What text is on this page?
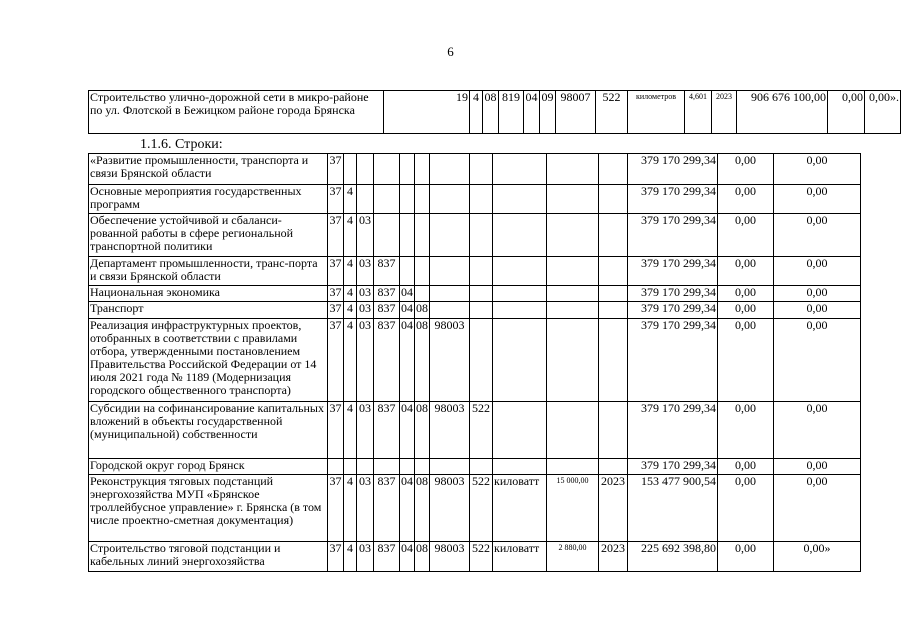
6
Строительство улично-дорожной сети в микро-районе по ул. Флотской в Бежицком районе города Брянска	19	4	08	819	04	09	98007	522	километров	4,601	2023	906 676 100,00	0,00	0,00».
1.1.6. Строки:
«Развитие промышленности, транспорта и связи Брянской области	37											379 170 299,34	0,00	0,00
Основные мероприятия государственных программ	37	4										379 170 299,34	0,00	0,00
Обеспечение устойчивой и сбаланси-рованной работы в сфере региональной транспортной политики	37	4	03									379 170 299,34	0,00	0,00
Департамент промышленности, транс-порта и связи Брянской области	37	4	03	837								379 170 299,34	0,00	0,00
Национальная экономика	37	4	03	837	04							379 170 299,34	0,00	0,00
Транспорт	37	4	03	837	04	08						379 170 299,34	0,00	0,00
Реализация инфраструктурных проектов, отобранных в соответствии с правилами отбора, утвержденными постановлением Правительства Российской Федерации от 14 июля 2021 года № 1189 (Модернизация городского общественного транспорта)	37	4	03	837	04	08	98003					379 170 299,34	0,00	0,00
Субсидии на софинансирование капитальных вложений в объекты государственной (муниципальной) собственности	37	4	03	837	04	08	98003	522				379 170 299,34	0,00	0,00
Городской округ город Брянск												379 170 299,34	0,00	0,00
Реконструкция тяговых подстанций энергохозяйства МУП «Брянское троллейбусное управление» г. Брянска (в том числе проектно-сметная документация)	37	4	03	837	04	08	98003	522	киловатт	15 000,00	2023	153 477 900,54	0,00	0,00
Строительство тяговой подстанции и кабельных линий энергохозяйства	37	4	03	837	04	08	98003	522	киловатт	2 880,00	2023	225 692 398,80	0,00	0,00»
